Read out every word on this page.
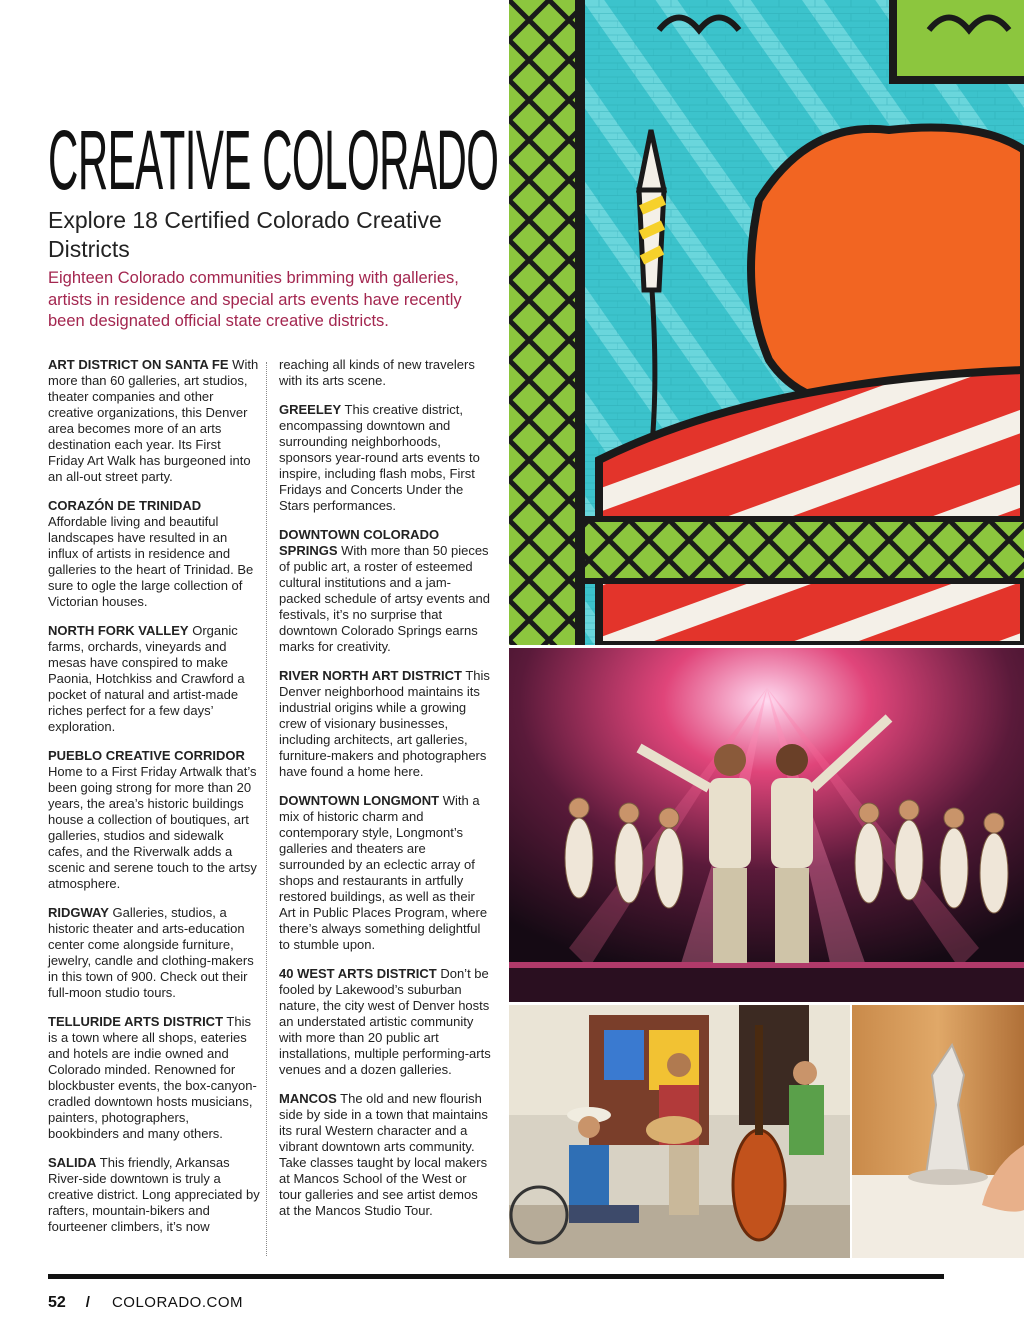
CREATIVE COLORADO
Explore 18 Certified Colorado Creative Districts
Eighteen Colorado communities brimming with galleries, artists in residence and special arts events have recently been designated official state creative districts.

ART DISTRICT ON SANTA FE With more than 60 galleries, art studios, theater companies and other creative organizations, this Denver area becomes more of an arts destination each year. Its First Friday Art Walk has burgeoned into an all-out street party.

CORAZÓN DE TRINIDAD
Affordable living and beautiful landscapes have resulted in an influx of artists in residence and galleries to the heart of Trinidad. Be sure to ogle the large collection of Victorian houses.

NORTH FORK VALLEY Organic farms, orchards, vineyards and mesas have conspired to make Paonia, Hotchkiss and Crawford a pocket of natural and artist-made riches perfect for a few days’ exploration.

PUEBLO CREATIVE CORRIDOR
Home to a First Friday Artwalk that’s been going strong for more than 20 years, the area’s historic buildings house a collection of boutiques, art galleries, studios and sidewalk cafes, and the Riverwalk adds a scenic and serene touch to the artsy atmosphere.

RIDGWAY Galleries, studios, a historic theater and arts-education center come alongside furniture, jewelry, candle and clothing-makers in this town of 900. Check out their full-moon studio tours.

TELLURIDE ARTS DISTRICT This is a town where all shops, eateries and hotels are indie owned and Colorado minded. Renowned for blockbuster events, the box-canyon-cradled downtown hosts musicians, painters, photographers, bookbinders and many others.

SALIDA This friendly, Arkansas River-side downtown is truly a creative district. Long appreciated by rafters, mountain-bikers and fourteener climbers, it’s now

reaching all kinds of new travelers with its arts scene.

GREELEY This creative district, encompassing downtown and surrounding neighborhoods, sponsors year-round arts events to inspire, including flash mobs, First Fridays and Concerts Under the Stars performances.

DOWNTOWN COLORADO SPRINGS With more than 50 pieces of public art, a roster of esteemed cultural institutions and a jam-packed schedule of artsy events and festivals, it’s no surprise that downtown Colorado Springs earns marks for creativity.

RIVER NORTH ART DISTRICT This Denver neighborhood maintains its industrial origins while a growing crew of visionary businesses, including architects, art galleries, furniture-makers and photographers have found a home here.

DOWNTOWN LONGMONT With a mix of historic charm and contemporary style, Longmont’s galleries and theaters are surrounded by an eclectic array of shops and restaurants in artfully restored buildings, as well as their Art in Public Places Program, where there’s always something delightful to stumble upon.

40 WEST ARTS DISTRICT Don’t be fooled by Lakewood’s suburban nature, the city west of Denver hosts an understated artistic community with more than 20 public art installations, multiple performing-arts venues and a dozen galleries.

MANCOS The old and new flourish side by side in a town that maintains its rural Western character and a vibrant downtown arts community. Take classes taught by local makers at Mancos School of the West or tour galleries and see artist demos at the Mancos Studio Tour.

52 / COLORADO.COM
